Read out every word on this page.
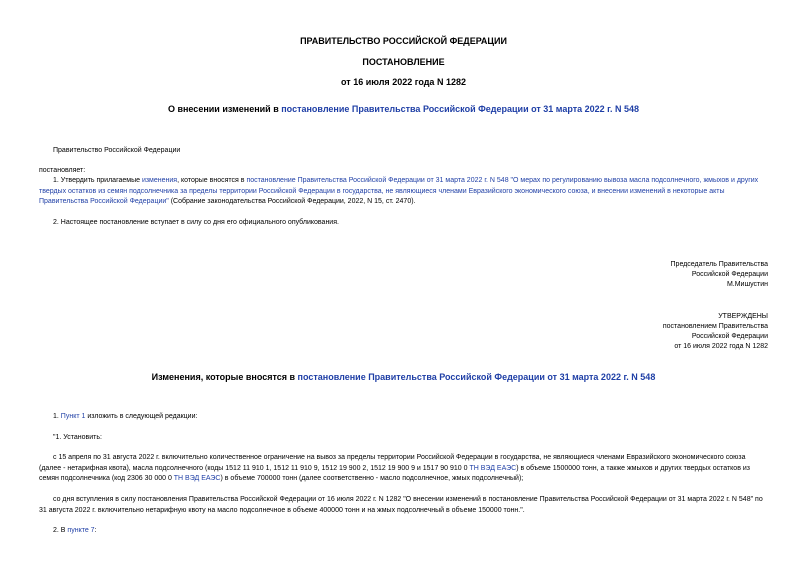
ПРАВИТЕЛЬСТВО РОССИЙСКОЙ ФЕДЕРАЦИИ
ПОСТАНОВЛЕНИЕ
от 16 июля 2022 года N 1282
О внесении изменений в постановление Правительства Российской Федерации от 31 марта 2022 г. N 548
Правительство Российской Федерации
постановляет:
1. Утвердить прилагаемые изменения, которые вносятся в постановление Правительства Российской Федерации от 31 марта 2022 г. N 548 "О мерах по регулированию вывоза масла подсолнечного, жмыхов и других твердых остатков из семян подсолнечника за пределы территории Российской Федерации в государства, не являющиеся членами Евразийского экономического союза, и внесении изменений в некоторые акты Правительства Российской Федерации" (Собрание законодательства Российской Федерации, 2022, N 15, ст. 2470).
2. Настоящее постановление вступает в силу со дня его официального опубликования.
Председатель Правительства
Российской Федерации
М.Мишустин
УТВЕРЖДЕНЫ
постановлением Правительства
Российской Федерации
от 16 июля 2022 года N 1282
Изменения, которые вносятся в постановление Правительства Российской Федерации от 31 марта 2022 г. N 548
1. Пункт 1 изложить в следующей редакции:
"1. Установить:
с 15 апреля по 31 августа 2022 г. включительно количественное ограничение на вывоз за пределы территории Российской Федерации в государства, не являющиеся членами Евразийского экономического союза (далее - нетарифная квота), масла подсолнечного (коды 1512 11 910 1, 1512 11 910 9, 1512 19 900 2, 1512 19 900 9 и 1517 90 910 0 ТН ВЭД ЕАЭС) в объеме 1500000 тонн, а также жмыхов и других твердых остатков из семян подсолнечника (код 2306 30 000 0 ТН ВЭД ЕАЭС) в объеме 700000 тонн (далее соответственно - масло подсолнечное, жмых подсолнечный);
со дня вступления в силу постановления Правительства Российской Федерации от 16 июля 2022 г. N 1282 "О внесении изменений в постановление Правительства Российской Федерации от 31 марта 2022 г. N 548" по 31 августа 2022 г. включительно нетарифную квоту на масло подсолнечное в объеме 400000 тонн и на жмых подсолнечный в объеме 150000 тонн.".
2. В пункте 7:
